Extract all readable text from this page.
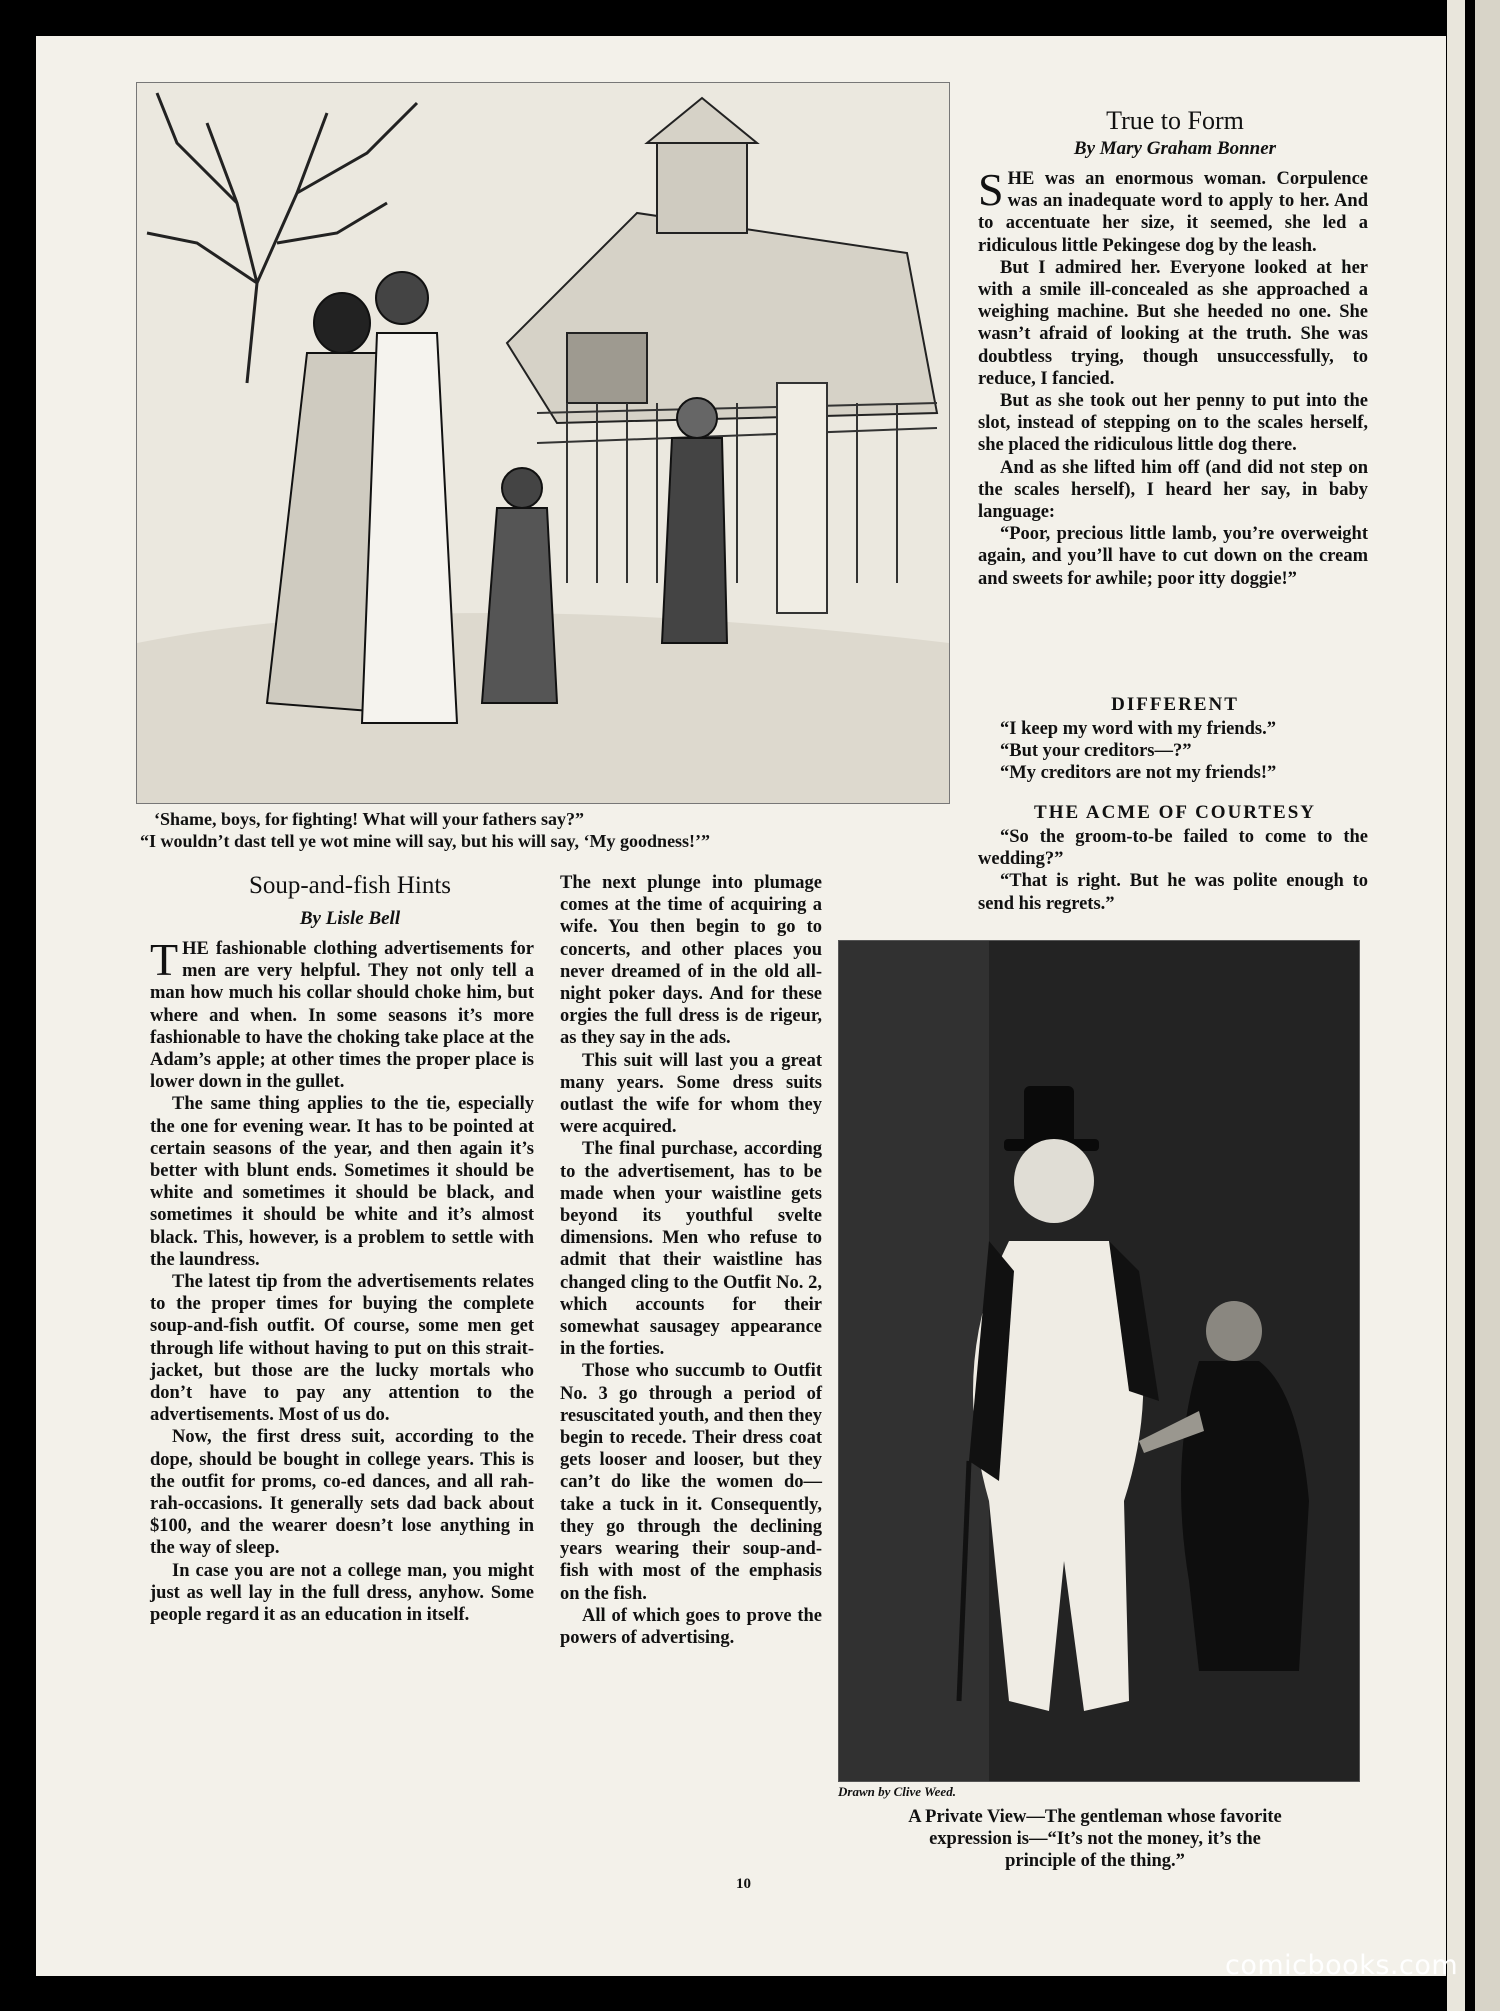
‘Shame, boys, for fighting! What will your fathers say?”
“I wouldn’t dast tell ye wot mine will say, but his will say, ‘My goodness!’”
True to Form
By Mary Graham Bonner

SHE was an enormous woman. Corpulence was an inadequate word to apply to her. And to accentuate her size, it seemed, she led a ridiculous little Pekingese dog by the leash.

But I admired her. Everyone looked at her with a smile ill-concealed as she approached a weighing machine. But she heeded no one. She wasn’t afraid of looking at the truth. She was doubtless trying, though unsuccessfully, to reduce, I fancied.

But as she took out her penny to put into the slot, instead of stepping on to the scales herself, she placed the ridiculous little dog there.

And as she lifted him off (and did not step on the scales herself), I heard her say, in baby language:

“Poor, precious little lamb, you’re overweight again, and you’ll have to cut down on the cream and sweets for awhile; poor itty doggie!”

DIFFERENT

“I keep my word with my friends.”

“But your creditors—?”

“My creditors are not my friends!”

THE ACME OF COURTESY

“So the groom-to-be failed to come to the wedding?”

“That is right. But he was polite enough to send his regrets.”

Soup-and-fish Hints
By Lisle Bell

THE fashionable clothing advertisements for men are very helpful. They not only tell a man how much his collar should choke him, but where and when. In some seasons it’s more fashionable to have the choking take place at the Adam’s apple; at other times the proper place is lower down in the gullet.

The same thing applies to the tie, especially the one for evening wear. It has to be pointed at certain seasons of the year, and then again it’s better with blunt ends. Sometimes it should be white and sometimes it should be black, and sometimes it should be white and it’s almost black. This, however, is a problem to settle with the laundress.

The latest tip from the advertisements relates to the proper times for buying the complete soup-and-fish outfit. Of course, some men get through life without having to put on this strait-jacket, but those are the lucky mortals who don’t have to pay any attention to the advertisements. Most of us do.

Now, the first dress suit, according to the dope, should be bought in college years. This is the outfit for proms, co-ed dances, and all rah-rah-occasions. It generally sets dad back about $100, and the wearer doesn’t lose anything in the way of sleep.

In case you are not a college man, you might just as well lay in the full dress, anyhow. Some people regard it as an education in itself.

The next plunge into plumage comes at the time of acquiring a wife. You then begin to go to concerts, and other places you never dreamed of in the old all-night poker days. And for these orgies the full dress is de rigeur, as they say in the ads.

This suit will last you a great many years. Some dress suits outlast the wife for whom they were acquired.

The final purchase, according to the advertisement, has to be made when your waistline gets beyond its youthful svelte dimensions. Men who refuse to admit that their waistline has changed cling to the Outfit No. 2, which accounts for their somewhat sausagey appearance in the forties.

Those who succumb to Outfit No. 3 go through a period of resuscitated youth, and then they begin to recede. Their dress coat gets looser and looser, but they can’t do like the women do—take a tuck in it. Consequently, they go through the declining years wearing their soup-and-fish with most of the emphasis on the fish.

All of which goes to prove the powers of advertising.

Drawn by Clive Weed.
A Private View—The gentleman whose favorite
expression is—“It’s not the money, it’s the
principle of the thing.”
10
comicbooks.com
